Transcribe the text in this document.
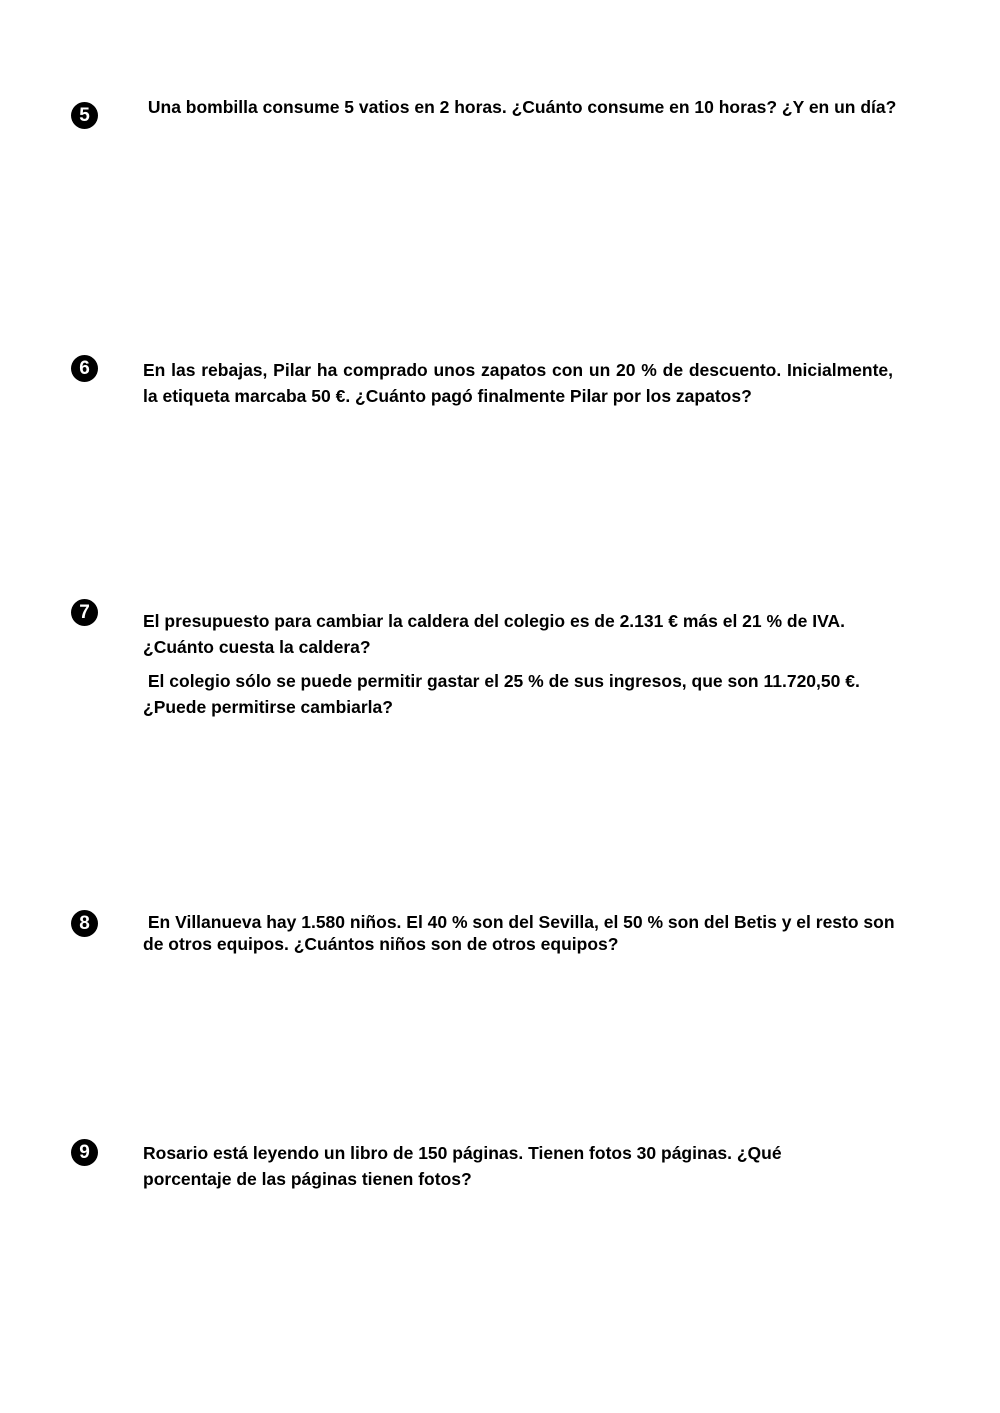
5	Una bombilla consume 5 vatios en 2 horas. ¿Cuánto consume en 10 horas? ¿Y en un día?

6	En las rebajas, Pilar ha comprado unos zapatos con un 20 % de descuento. Inicialmente, la etiqueta marcaba 50 €. ¿Cuánto pagó finalmente Pilar por los zapatos?

7	El presupuesto para cambiar la caldera del colegio es de 2.131 € más el 21 % de IVA. ¿Cuánto cuesta la caldera?

El colegio sólo se puede permitir gastar el 25 % de sus ingresos, que son 11.720,50 €. ¿Puede permitirse cambiarla?

8	En Villanueva hay 1.580 niños. El 40 % son del Sevilla, el 50 % son del Betis y el resto son de otros equipos. ¿Cuántos niños son de otros equipos?

9	Rosario está leyendo un libro de 150 páginas. Tienen fotos 30 páginas. ¿Qué porcentaje de las páginas tienen fotos?
